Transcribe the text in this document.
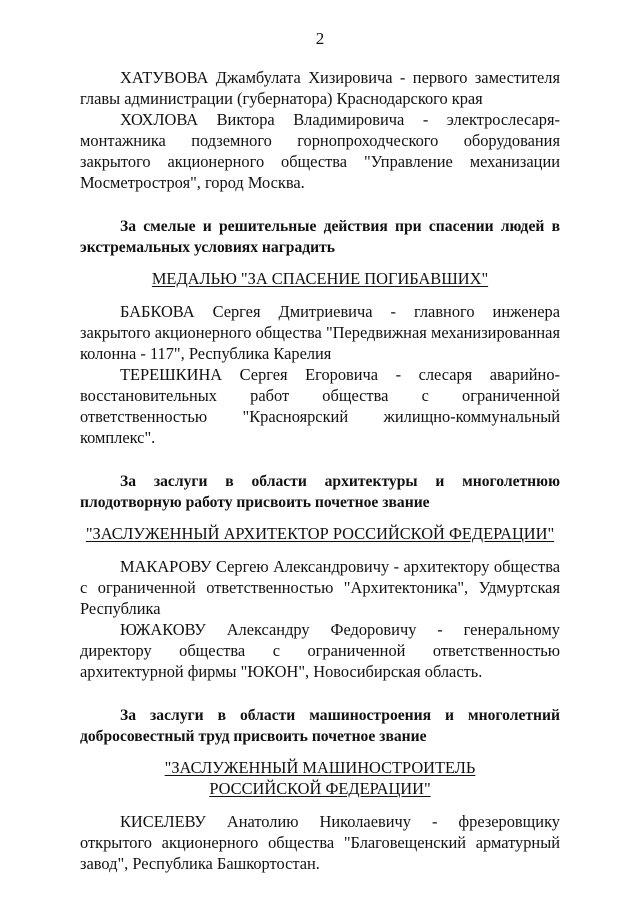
2

ХАТУВОВА Джамбулата Хизировича - первого заместителя главы администрации (губернатора) Краснодарского края

ХОХЛОВА Виктора Владимировича - электрослесаря-монтажника подземного горнопроходческого оборудования закрытого акционерного общества "Управление механизации Мосметростроя", город Москва.

За смелые и решительные действия при спасении людей в экстремальных условиях наградить

МЕДАЛЬЮ "ЗА СПАСЕНИЕ ПОГИБАВШИХ"

БАБКОВА Сергея Дмитриевича - главного инженера закрытого акционерного общества "Передвижная механизированная колонна - 117", Республика Карелия

ТЕРЕШКИНА Сергея Егоровича - слесаря аварийно-восстановительных работ общества с ограниченной ответственностью "Красноярский жилищно-коммунальный комплекс".

За заслуги в области архитектуры и многолетнюю плодотворную работу присвоить почетное звание

"ЗАСЛУЖЕННЫЙ АРХИТЕКТОР РОССИЙСКОЙ ФЕДЕРАЦИИ"

МАКАРОВУ Сергею Александровичу - архитектору общества с ограниченной ответственностью "Архитектоника", Удмуртская Республика

ЮЖАКОВУ Александру Федоровичу - генеральному директору общества с ограниченной ответственностью архитектурной фирмы "ЮКОН", Новосибирская область.

За заслуги в области машиностроения и многолетний добросовестный труд присвоить почетное звание

"ЗАСЛУЖЕННЫЙ МАШИНОСТРОИТЕЛЬ

РОССИЙСКОЙ ФЕДЕРАЦИИ"

КИСЕЛЕВУ Анатолию Николаевичу - фрезеровщику открытого акционерного общества "Благовещенский арматурный завод", Республика Башкортостан.
